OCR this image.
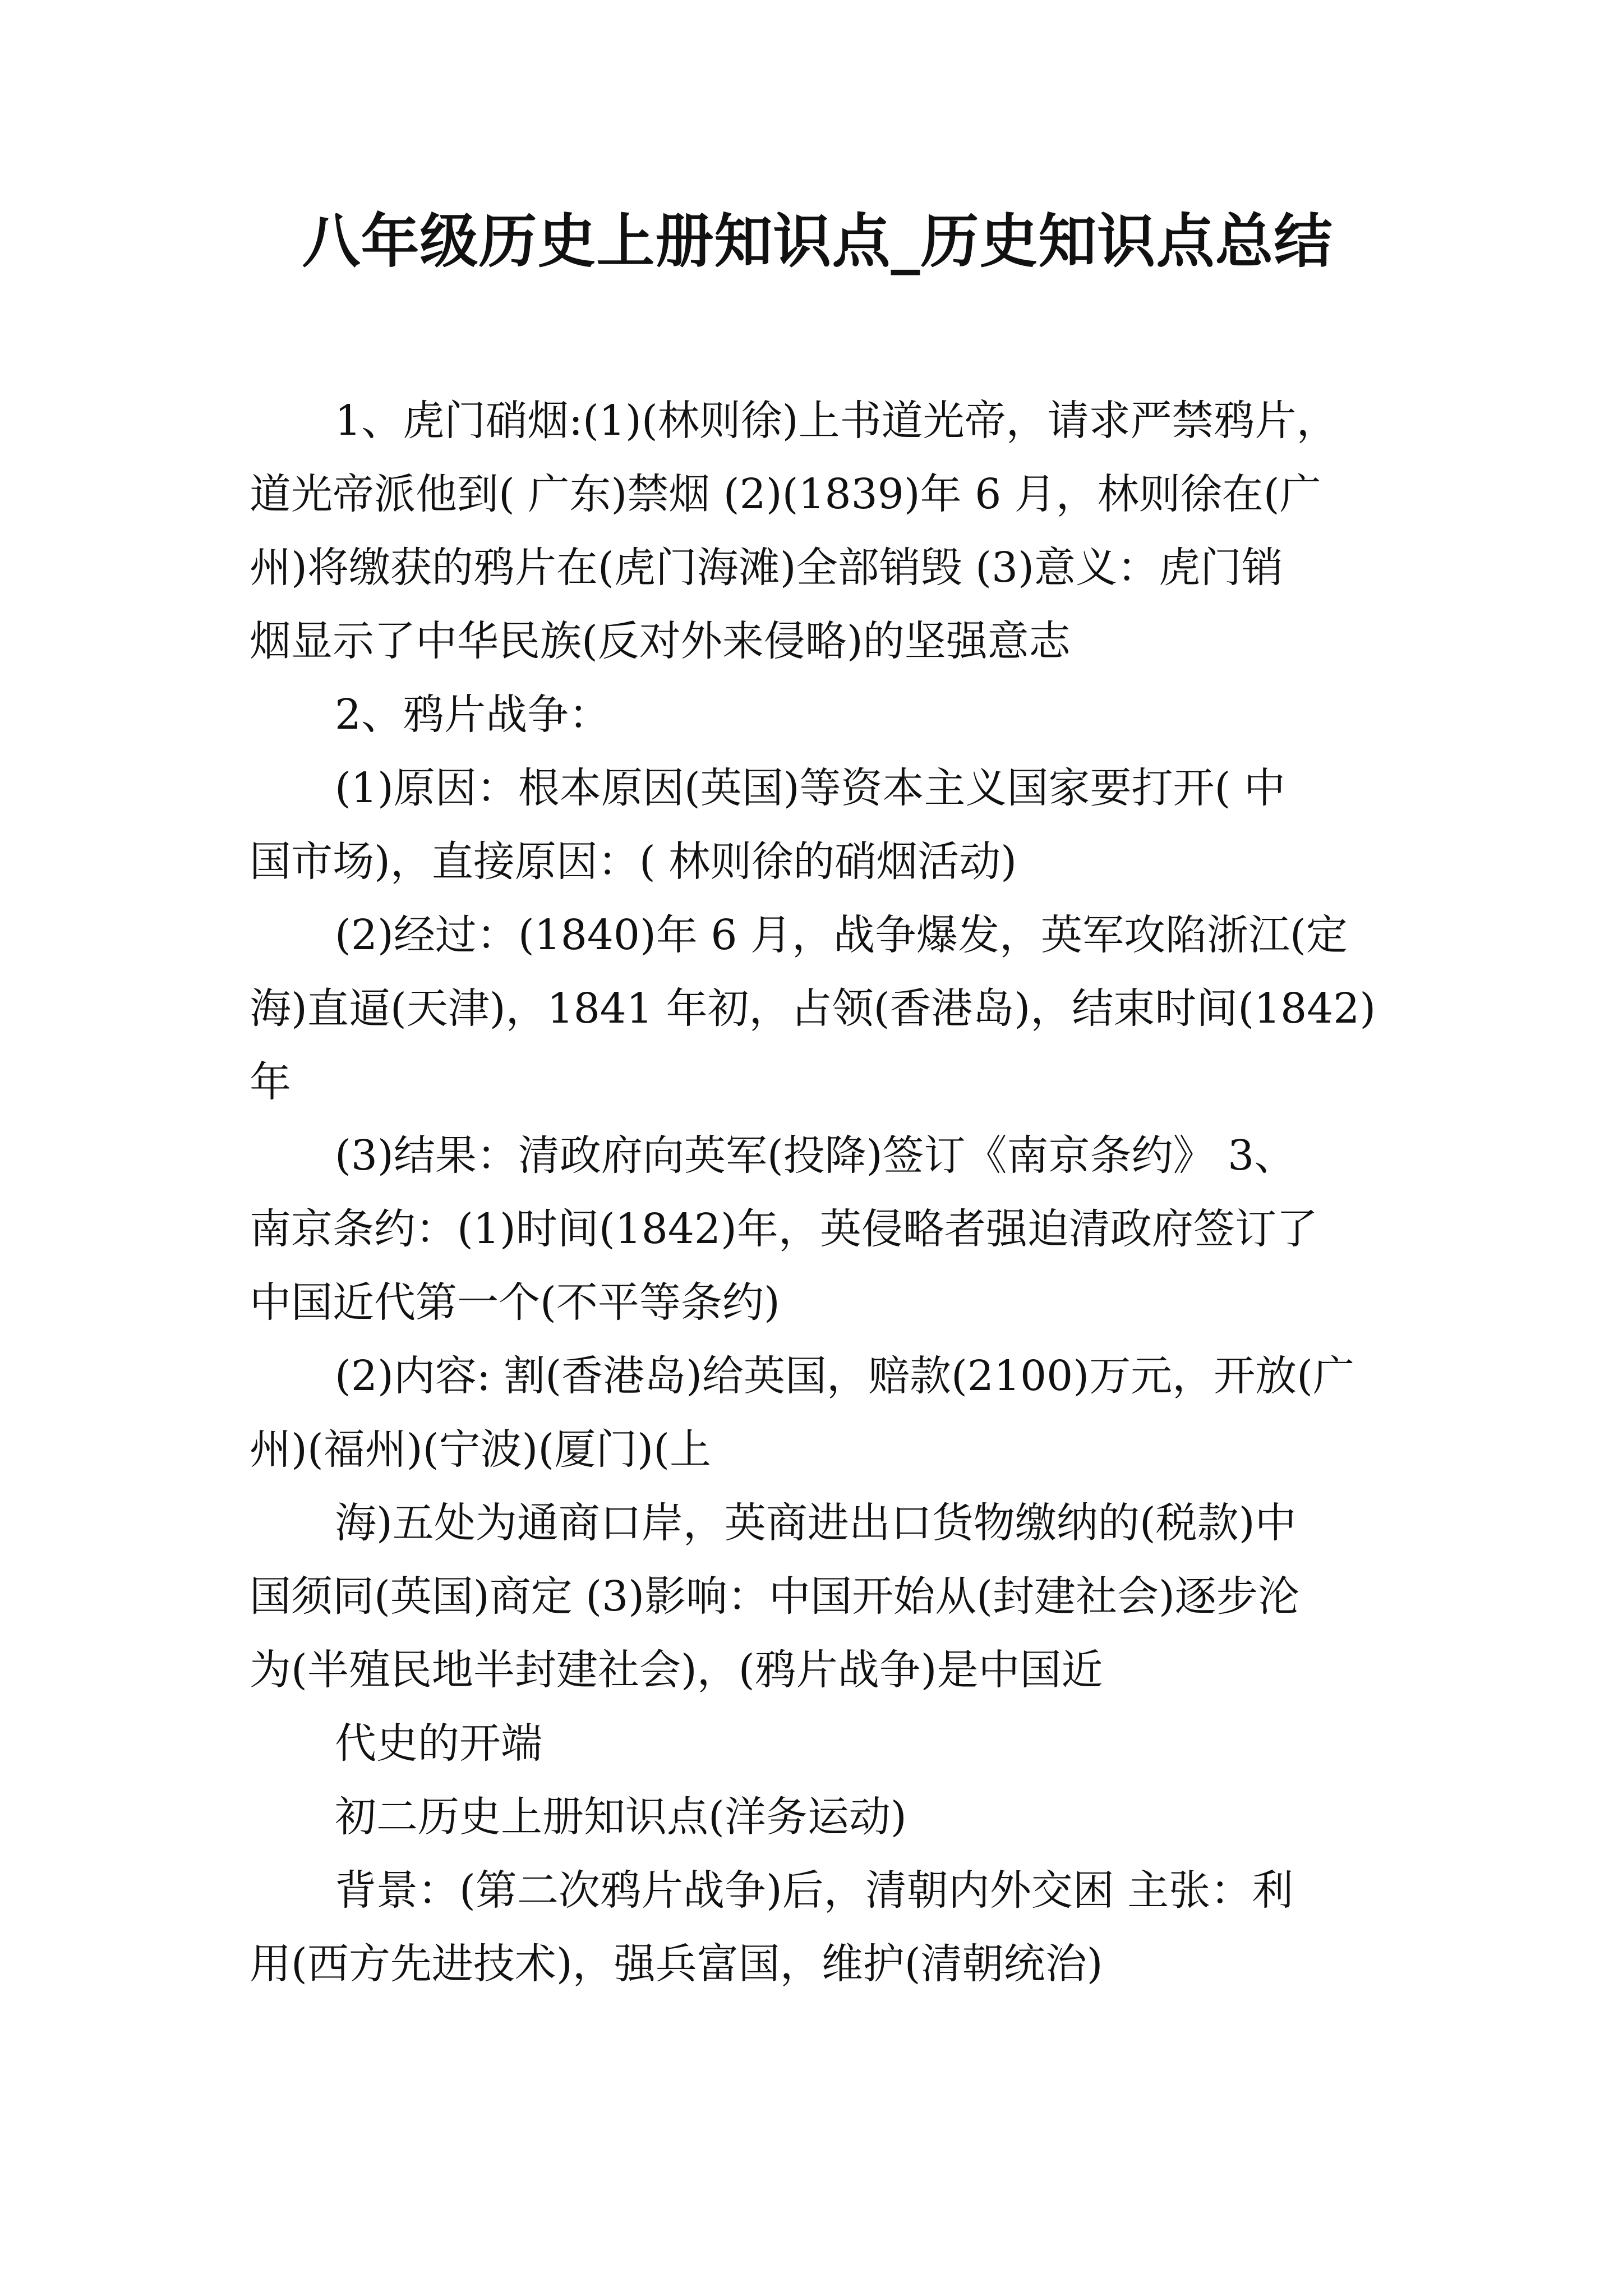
八年级历史上册知识点_历史知识点总结
1、虎门硝烟:(1)(林则徐)上书道光帝，请求严禁鸦片，
道光帝派他到( 广东)禁烟 (2)(1839)年 6 月，林则徐在(广
州)将缴获的鸦片在(虎门海滩)全部销毁 (3)意义：虎门销
烟显示了中华民族(反对外来侵略)的坚强意志
2、鸦片战争：
(1)原因：根本原因(英国)等资本主义国家要打开( 中
国市场)，直接原因：( 林则徐的硝烟活动)
(2)经过：(1840)年 6 月，战争爆发，英军攻陷浙江(定
海)直逼(天津)，1841 年初，占领(香港岛)，结束时间(1842)
年
(3)结果：清政府向英军(投降)签订《南京条约》 3、
南京条约：(1)时间(1842)年，英侵略者强迫清政府签订了
中国近代第一个(不平等条约)
(2)内容: 割(香港岛)给英国，赔款(2100)万元，开放(广
州)(福州)(宁波)(厦门)(上
海)五处为通商口岸，英商进出口货物缴纳的(税款)中
国须同(英国)商定 (3)影响：中国开始从(封建社会)逐步沦
为(半殖民地半封建社会)，(鸦片战争)是中国近
代史的开端
初二历史上册知识点(洋务运动)
背景：(第二次鸦片战争)后，清朝内外交困 主张：利
用(西方先进技术)，强兵富国，维护(清朝统治)
